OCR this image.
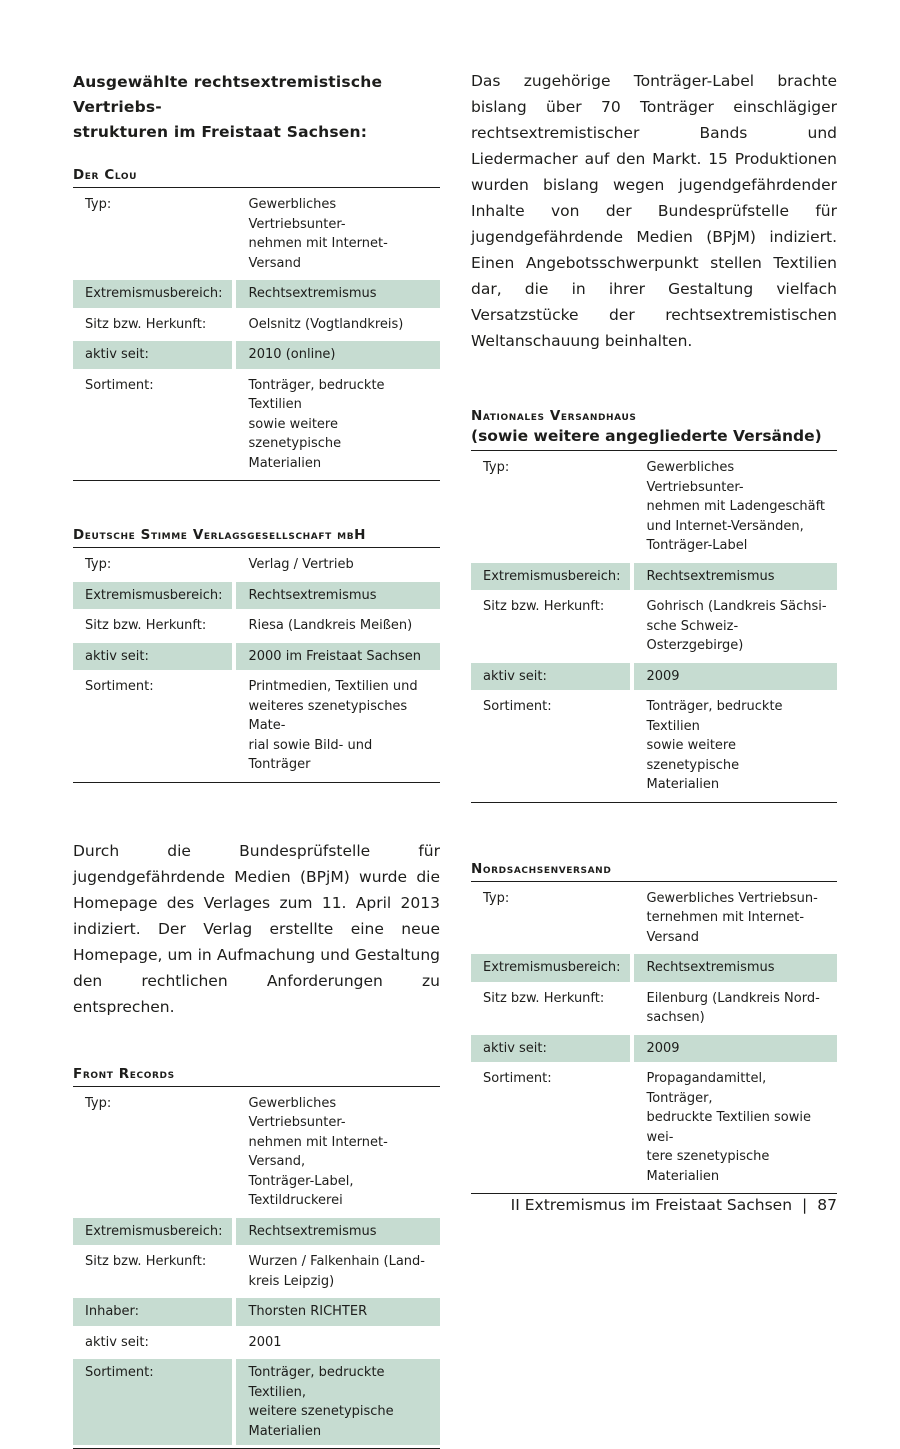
Ausgewählte rechtsextremistische Vertriebs-
strukturen im Freistaat Sachsen:
Der Clou
Typ:	Gewerbliches Vertriebsunter-
nehmen mit Internet-Versand
Extremismusbereich:	Rechtsextremismus
Sitz bzw. Herkunft:	Oelsnitz (Vogtlandkreis)
aktiv seit:	2010 (online)
Sortiment:	Tonträger, bedruckte Textilien
sowie weitere szenetypische
Materialien
Deutsche Stimme Verlagsgesellschaft mbH
Typ:	Verlag / Vertrieb
Extremismusbereich:	Rechtsextremismus
Sitz bzw. Herkunft:	Riesa (Landkreis Meißen)
aktiv seit:	2000 im Freistaat Sachsen
Sortiment:	Printmedien, Textilien und
weiteres szenetypisches Mate-
rial sowie Bild- und Tonträger

Durch die Bundesprüfstelle für jugendgefährdende Medien (BPjM) wurde die Homepage des Verlages zum 11. April 2013 indiziert. Der Verlag erstellte eine neue Homepage, um in Aufmachung und Gestaltung den rechtlichen Anforderungen zu entsprechen.

Front Records
Typ:	Gewerbliches Vertriebsunter-
nehmen mit Internet-Versand,
Tonträger-Label, Textildruckerei
Extremismusbereich:	Rechtsextremismus
Sitz bzw. Herkunft:	Wurzen / Falkenhain (Land-
kreis Leipzig)
Inhaber:	Thorsten RICHTER
aktiv seit:	2001
Sortiment:	Tonträger, bedruckte Textilien,
weitere szenetypische Materialien

Das zugehörige Tonträger-Label brachte bislang über 70 Tonträger einschlägiger rechtsextremistischer Bands und Liedermacher auf den Markt. 15 Produktionen wurden bislang wegen jugendgefährdender Inhalte von der Bundesprüfstelle für jugendgefährdende Medien (BPjM) indiziert. Einen Angebotsschwerpunkt stellen Textilien dar, die in ihrer Gestaltung vielfach Versatzstücke der rechtsextremistischen Weltanschauung beinhalten.

Nationales Versandhaus
(sowie weitere angegliederte Versände)
Typ:	Gewerbliches Vertriebsunter-
nehmen mit Ladengeschäft
und Internet-Versänden,
Tonträger-Label
Extremismusbereich:	Rechtsextremismus
Sitz bzw. Herkunft:	Gohrisch (Landkreis Sächsi-
sche Schweiz-Osterzgebirge)
aktiv seit:	2009
Sortiment:	Tonträger, bedruckte Textilien
sowie weitere szenetypische
Materialien
Nordsachsenversand
Typ:	Gewerbliches Vertriebsun-
ternehmen mit Internet-
Versand
Extremismusbereich:	Rechtsextremismus
Sitz bzw. Herkunft:	Eilenburg (Landkreis Nord-
sachsen)
aktiv seit:	2009
Sortiment:	Propagandamittel, Tonträger,
bedruckte Textilien sowie wei-
tere szenetypische Materialien
II Extremismus im Freistaat Sachsen | 87
